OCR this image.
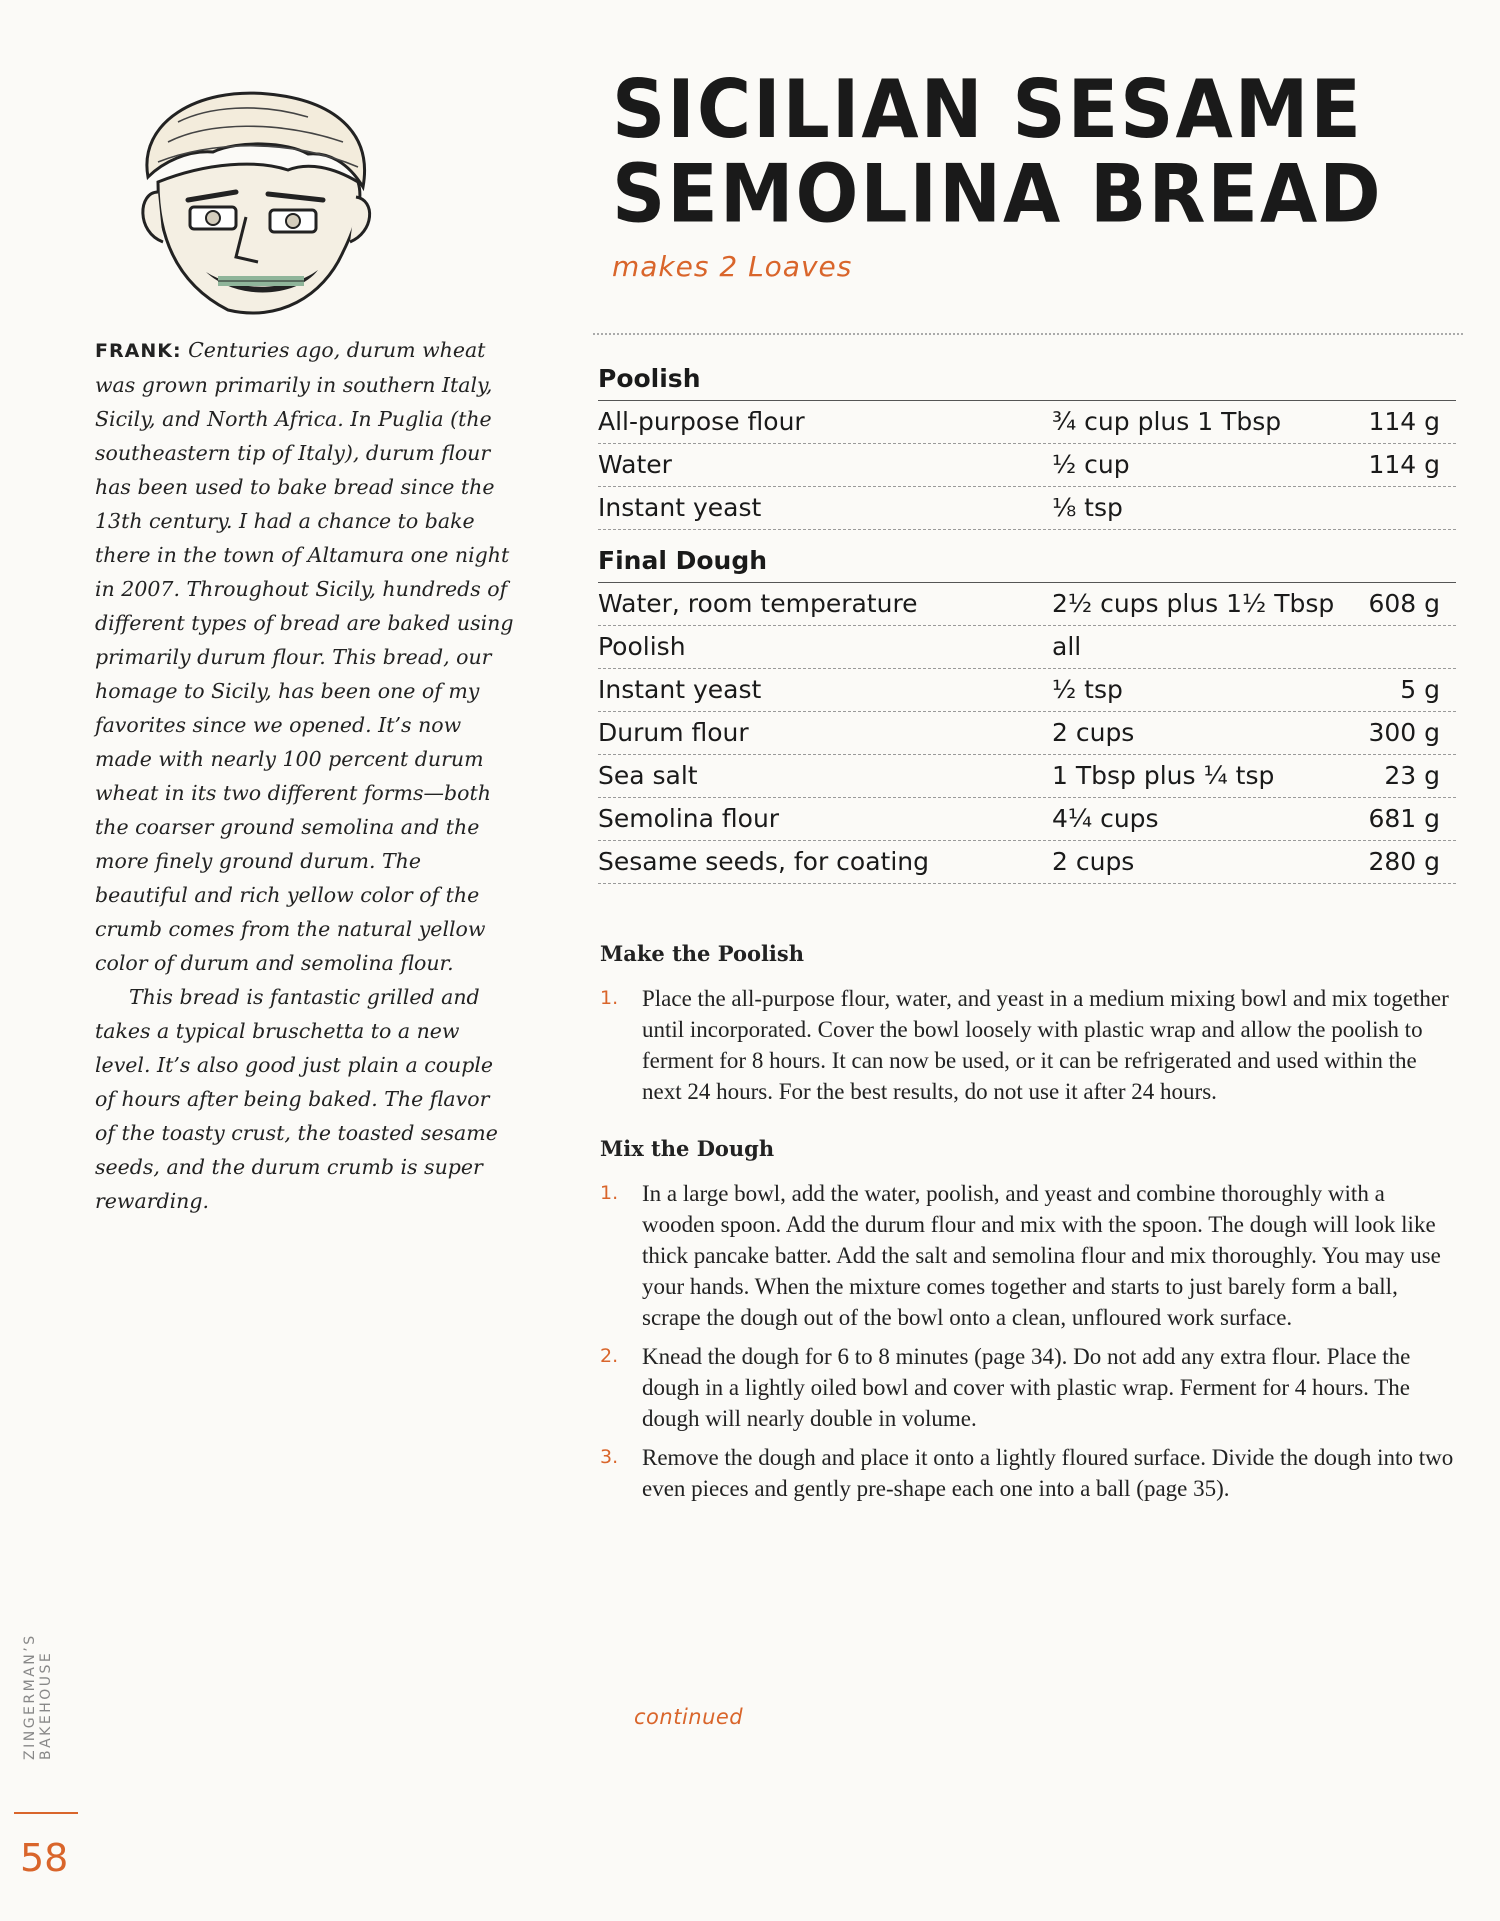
FRANK: Centuries ago, durum wheat was grown primarily in southern Italy, Sicily, and North Africa. In Puglia (the southeastern tip of Italy), durum flour has been used to bake bread since the 13th century. I had a chance to bake there in the town of Altamura one night in 2007. Throughout Sicily, hundreds of different types of bread are baked using primarily durum flour. This bread, our homage to Sicily, has been one of my favorites since we opened. It’s now made with nearly 100 percent durum wheat in its two different forms—both the coarser ground semolina and the more finely ground durum. The beautiful and rich yellow color of the crumb comes from the natural yellow color of durum and semolina flour.

This bread is fantastic grilled and takes a typical bruschetta to a new level. It’s also good just plain a couple of hours after being baked. The flavor of the toasty crust, the toasted sesame seeds, and the durum crumb is super rewarding.

SICILIAN SESAME
SEMOLINA BREAD
makes 2 Loaves
Poolish
All-purpose flour	¾ cup plus 1 Tbsp	114 g
Water	½ cup	114 g
Instant yeast	⅛ tsp
Final Dough
Water, room temperature	2½ cups plus 1½ Tbsp	608 g
Poolish	all
Instant yeast	½ tsp	5 g
Durum flour	2 cups	300 g
Sea salt	1 Tbsp plus ¼ tsp	23 g
Semolina flour	4¼ cups	681 g
Sesame seeds, for coating	2 cups	280 g
Make the Poolish
1.	Place the all-purpose flour, water, and yeast in a medium mixing bowl and mix together until incorporated. Cover the bowl loosely with plastic wrap and allow the poolish to ferment for 8 hours. It can now be used, or it can be refrigerated and used within the next 24 hours. For the best results, do not use it after 24 hours.
Mix the Dough
1.	In a large bowl, add the water, poolish, and yeast and combine thoroughly with a wooden spoon. Add the durum flour and mix with the spoon. The dough will look like thick pancake batter. Add the salt and semolina flour and mix thoroughly. You may use your hands. When the mixture comes together and starts to just barely form a ball, scrape the dough out of the bowl onto a clean, unfloured work surface.
2.	Knead the dough for 6 to 8 minutes (page 34). Do not add any extra flour. Place the dough in a lightly oiled bowl and cover with plastic wrap. Ferment for 4 hours. The dough will nearly double in volume.
3.	Remove the dough and place it onto a lightly floured surface. Divide the dough into two even pieces and gently pre-shape each one into a ball (page 35).
continued
ZINGERMAN’S BAKEHOUSE
58
